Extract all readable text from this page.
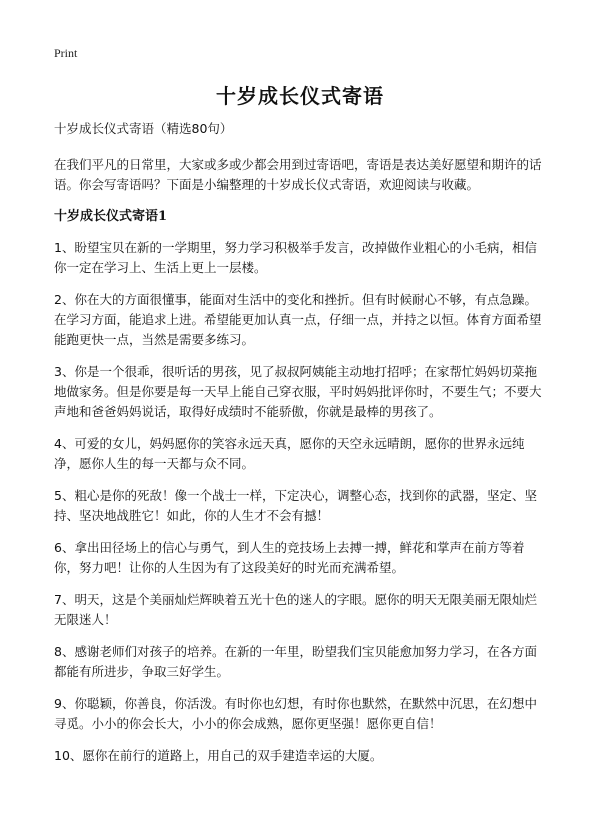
Print
十岁成长仪式寄语

十岁成长仪式寄语（精选80句）

在我们平凡的日常里，大家或多或少都会用到过寄语吧，寄语是表达美好愿望和期许的话语。你会写寄语吗？下面是小编整理的十岁成长仪式寄语，欢迎阅读与收藏。

十岁成长仪式寄语1

1、盼望宝贝在新的一学期里，努力学习积极举手发言，改掉做作业粗心的小毛病，相信你一定在学习上、生活上更上一层楼。

2、你在大的方面很懂事，能面对生活中的变化和挫折。但有时候耐心不够，有点急躁。在学习方面，能追求上进。希望能更加认真一点，仔细一点，并持之以恒。体育方面希望能跑更快一点，当然是需要多练习。

3、你是一个很乖，很听话的男孩，见了叔叔阿姨能主动地打招呼；在家帮忙妈妈切菜拖地做家务。但是你要是每一天早上能自己穿衣服，平时妈妈批评你时，不要生气；不要大声地和爸爸妈妈说话，取得好成绩时不能骄傲，你就是最棒的男孩了。

4、可爱的女儿，妈妈愿你的笑容永远天真，愿你的天空永远晴朗，愿你的世界永远纯净，愿你人生的每一天都与众不同。

5、粗心是你的死敌！像一个战士一样，下定决心，调整心态，找到你的武器，坚定、坚持、坚决地战胜它！如此，你的人生才不会有撼！

6、拿出田径场上的信心与勇气，到人生的竞技场上去搏一搏，鲜花和掌声在前方等着你，努力吧！让你的人生因为有了这段美好的时光而充满希望。

7、明天，这是个美丽灿烂辉映着五光十色的迷人的字眼。愿你的明天无限美丽无限灿烂无限迷人！

8、感谢老师们对孩子的培养。在新的一年里，盼望我们宝贝能愈加努力学习，在各方面都能有所进步，争取三好学生。

9、你聪颖，你善良，你活泼。有时你也幻想，有时你也默然，在默然中沉思，在幻想中寻觅。小小的你会长大，小小的你会成熟，愿你更坚强！愿你更自信！

10、愿你在前行的道路上，用自己的双手建造幸运的大厦。
